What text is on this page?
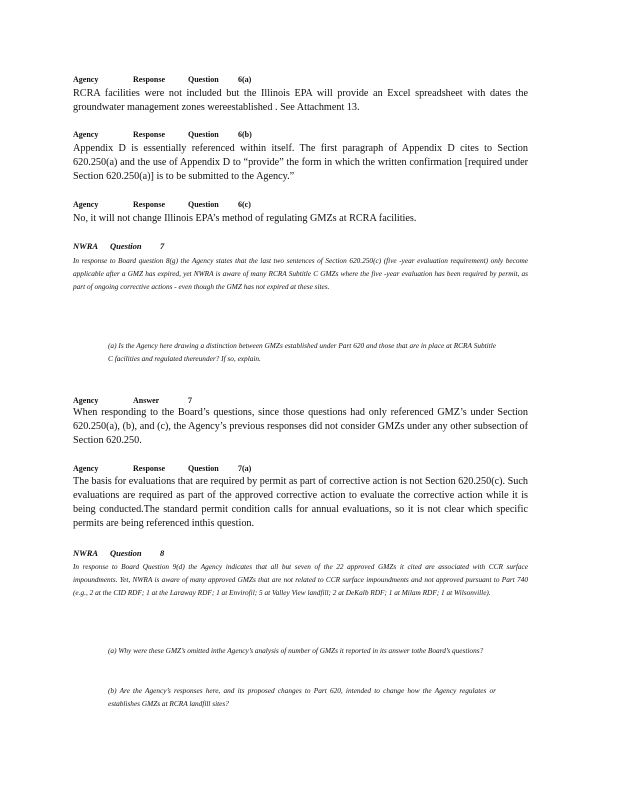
Agency	Response	Question 6(a)
RCRA facilities were not included but the Illinois EPA will provide an Excel spreadsheet with dates the groundwater management zones wereestablished . See Attachment 13.
Agency	Response	Question 6(b)
Appendix D is essentially referenced within itself. The first paragraph of Appendix D cites to Section 620.250(a) and the use of Appendix D to “provide” the form in which the written confirmation [required under Section 620.250(a)] is to be submitted to the Agency.”
Agency	Response	Question 6(c)
No, it will not change Illinois EPA’s method of regulating GMZs at RCRA facilities.
NWRA Question 7
In response to Board question 8(g) the Agency states that the last two sentences of Section 620.250(c) (five -year evaluation requirement) only become applicable after a GMZ has expired, yet NWRA is aware of many RCRA Subtitle C GMZs where the five -year evaluation has been required by permit, as part of ongoing corrective actions - even though the GMZ has not expired at these sites.
(a) Is the Agency here drawing a distinction between GMZs established under Part 620 and those that are in place at RCRA Subtitle C facilities and regulated thereunder? If so, explain.
Agency	Answer	7
When responding to the Board’s questions, since those questions had only referenced GMZ’s under Section 620.250(a), (b), and (c), the Agency’s previous responses did not consider GMZs under any other subsection of Section 620.250.
Agency	Response	Question 7(a)
The basis for evaluations that are required by permit as part of corrective action is not Section 620.250(c). Such evaluations are required as part of the approved corrective action to evaluate the corrective action while it is being conducted.The standard permit condition calls for annual evaluations, so it is not clear which specific permits are being referenced inthis question.
NWRA Question 8
In response to Board Question 9(d) the Agency indicates that all but seven of the 22 approved GMZs it cited are associated with CCR surface impoundments. Yet, NWRA is aware of many approved GMZs that are not related to CCR surface impoundments and not approved pursuant to Part 740 (e.g., 2 at the CID RDF; 1 at the Laraway RDF; 1 at Envirofil; 5 at Valley View landfill; 2 at DeKalb RDF; 1 at Milam RDF; 1 at Wilsonville).
(a) Why were these GMZ’s omitted inthe Agency’s analysis of number of GMZs it reported in its answer tothe Board’s questions?
(b) Are the Agency’s responses here, and its proposed changes to Part 620, intended to change how the Agency regulates or establishes GMZs at RCRA landfill sites?
